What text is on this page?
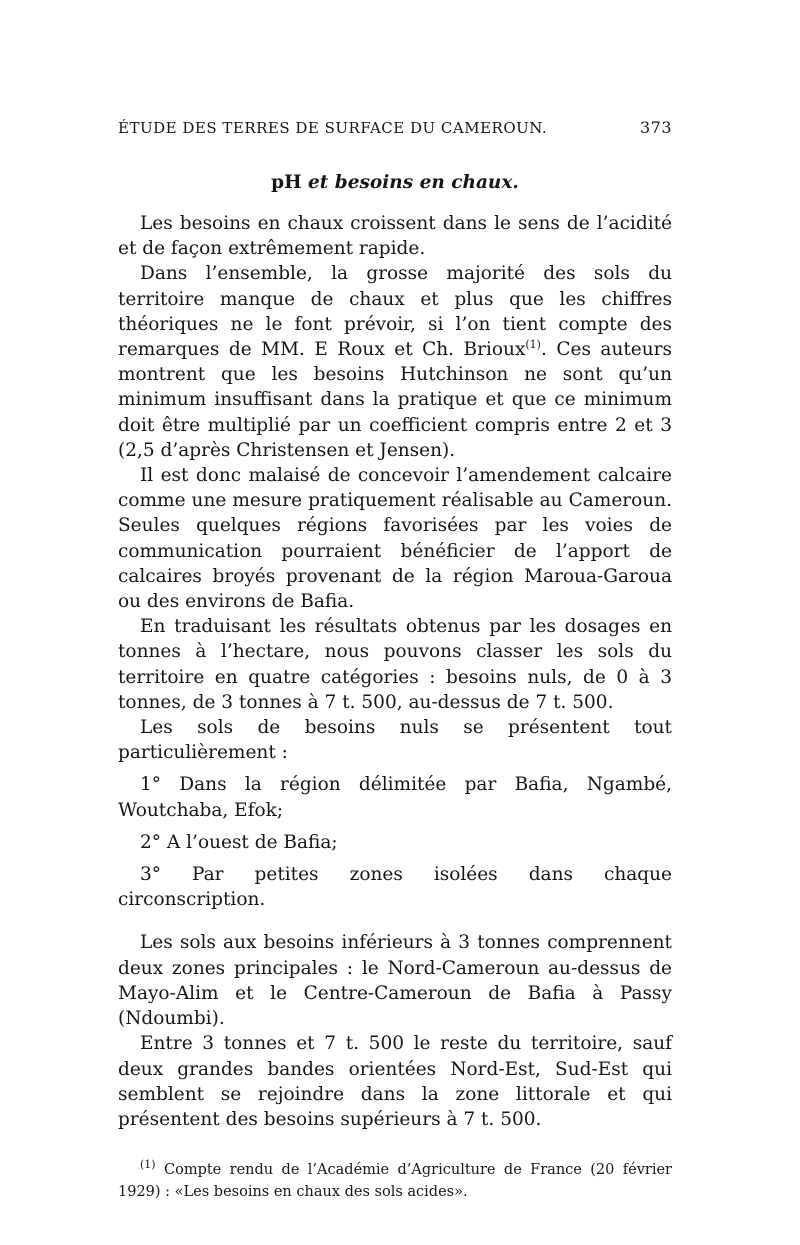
ÉTUDE DES TERRES DE SURFACE DU CAMEROUN.	373
pH et besoins en chaux.

Les besoins en chaux croissent dans le sens de l’acidité et de façon extrêmement rapide.

Dans l’ensemble, la grosse majorité des sols du territoire manque de chaux et plus que les chiffres théoriques ne le font prévoir, si l’on tient compte des remarques de MM. E Roux et Ch. Brioux$^{(1)}$. Ces auteurs montrent que les besoins Hutchinson ne sont qu’un minimum insuffisant dans la pratique et que ce minimum doit être multiplié par un coefficient compris entre 2 et 3 (2,5 d’après Christensen et Jensen).

Il est donc malaisé de concevoir l’amendement calcaire comme une mesure pratiquement réalisable au Cameroun. Seules quelques régions favorisées par les voies de communication pourraient bénéficier de l’apport de calcaires broyés provenant de la région Maroua-Garoua ou des environs de Bafia.

En traduisant les résultats obtenus par les dosages en tonnes à l’hectare, nous pouvons classer les sols du territoire en quatre catégories : besoins nuls, de 0 à 3 tonnes, de 3 tonnes à 7 t. 500, au-dessus de 7 t. 500.

Les sols de besoins nuls se présentent tout particulièrement :

1° Dans la région délimitée par Bafia, Ngambé, Woutchaba, Efok;

2° A l’ouest de Bafia;

3° Par petites zones isolées dans chaque circonscription.

Les sols aux besoins inférieurs à 3 tonnes comprennent deux zones principales : le Nord-Cameroun au-dessus de Mayo-Alim et le Centre-Cameroun de Bafia à Passy (Ndoumbi).

Entre 3 tonnes et 7 t. 500 le reste du territoire, sauf deux grandes bandes orientées Nord-Est, Sud-Est qui semblent se rejoindre dans la zone littorale et qui présentent des besoins supérieurs à 7 t. 500.

$^{(1)}$ Compte rendu de l’Académie d’Agriculture de France (20 février 1929) : «Les besoins en chaux des sols acides».
